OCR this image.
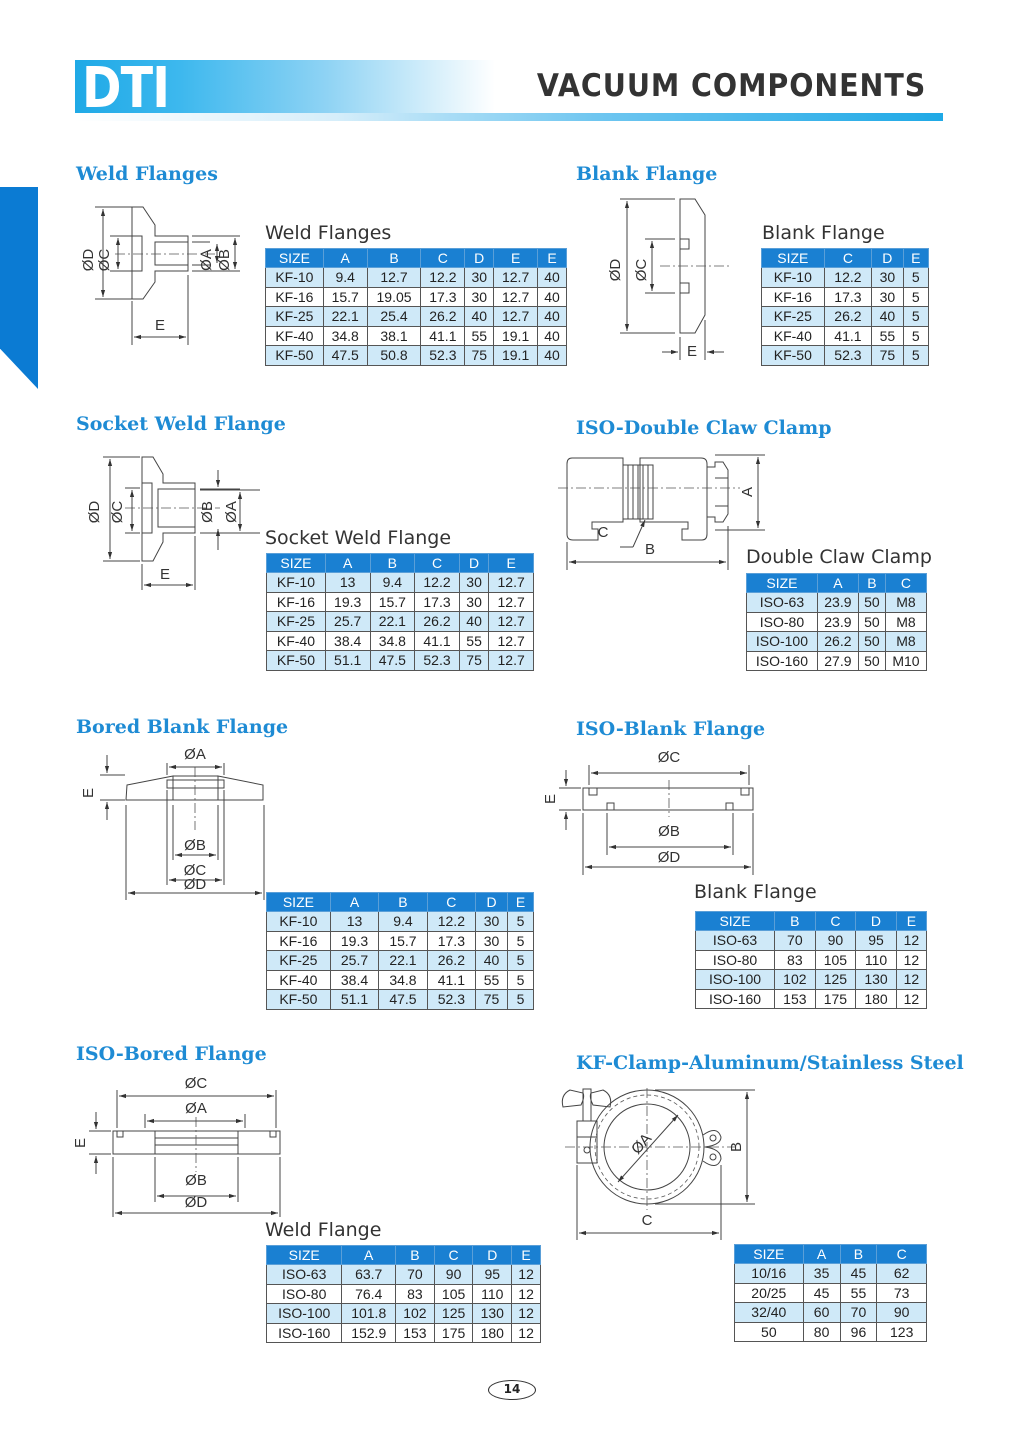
DTI	VACUUM COMPONENTS
Weld Flanges
ØD ØC	ØA ØB
E
Weld Flanges
SIZE	A	B	C	D	E	E
KF-10	9.4	12.7	12.2	30	12.7	40
KF-16	15.7	19.05	17.3	30	12.7	40
KF-25	22.1	25.4	26.2	40	12.7	40
KF-40	34.8	38.1	41.1	55	19.1	40
KF-50	47.5	50.8	52.3	75	19.1	40
Blank Flange
ØD ØC
E
Blank Flange
SIZE	C	D	E
KF-10	12.2	30	5
KF-16	17.3	30	5
KF-25	26.2	40	5
KF-40	41.1	55	5
KF-50	52.3	75	5
Socket Weld Flange
ØD ØC	ØB ØA
E
Socket Weld Flange
SIZE	A	B	C	D	E
KF-10	13	9.4	12.2	30	12.7
KF-16	19.3	15.7	17.3	30	12.7
KF-25	25.7	22.1	26.2	40	12.7
KF-40	38.4	34.8	41.1	55	12.7
KF-50	51.1	47.5	52.3	75	12.7
ISO-Double Claw Clamp
A
B
C
Double Claw Clamp
SIZE	A	B	C
ISO-63	23.9	50	M8
ISO-80	23.9	50	M8
ISO-100	26.2	50	M8
ISO-160	27.9	50	M10
Bored Blank Flange
ØA
ØB
ØC
ØD
E
SIZE	A	B	C	D	E
KF-10	13	9.4	12.2	30	5
KF-16	19.3	15.7	17.3	30	5
KF-25	25.7	22.1	26.2	40	5
KF-40	38.4	34.8	41.1	55	5
KF-50	51.1	47.5	52.3	75	5
ISO-Blank Flange
ØC
ØB
ØD
E
Blank Flange
SIZE	B	C	D	E
ISO-63	70	90	95	12
ISO-80	83	105	110	12
ISO-100	102	125	130	12
ISO-160	153	175	180	12
ISO-Bored Flange
ØC
ØA
ØB
ØD
E
Weld Flange
SIZE	A	B	C	D	E
ISO-63	63.7	70	90	95	12
ISO-80	76.4	83	105	110	12
ISO-100	101.8	102	125	130	12
ISO-160	152.9	153	175	180	12
KF-Clamp-Aluminum/Stainless Steel
ØA	B
C
SIZE	A	B	C
10/16	35	45	62
20/25	45	55	73
32/40	60	70	90
50	80	96	123
14
